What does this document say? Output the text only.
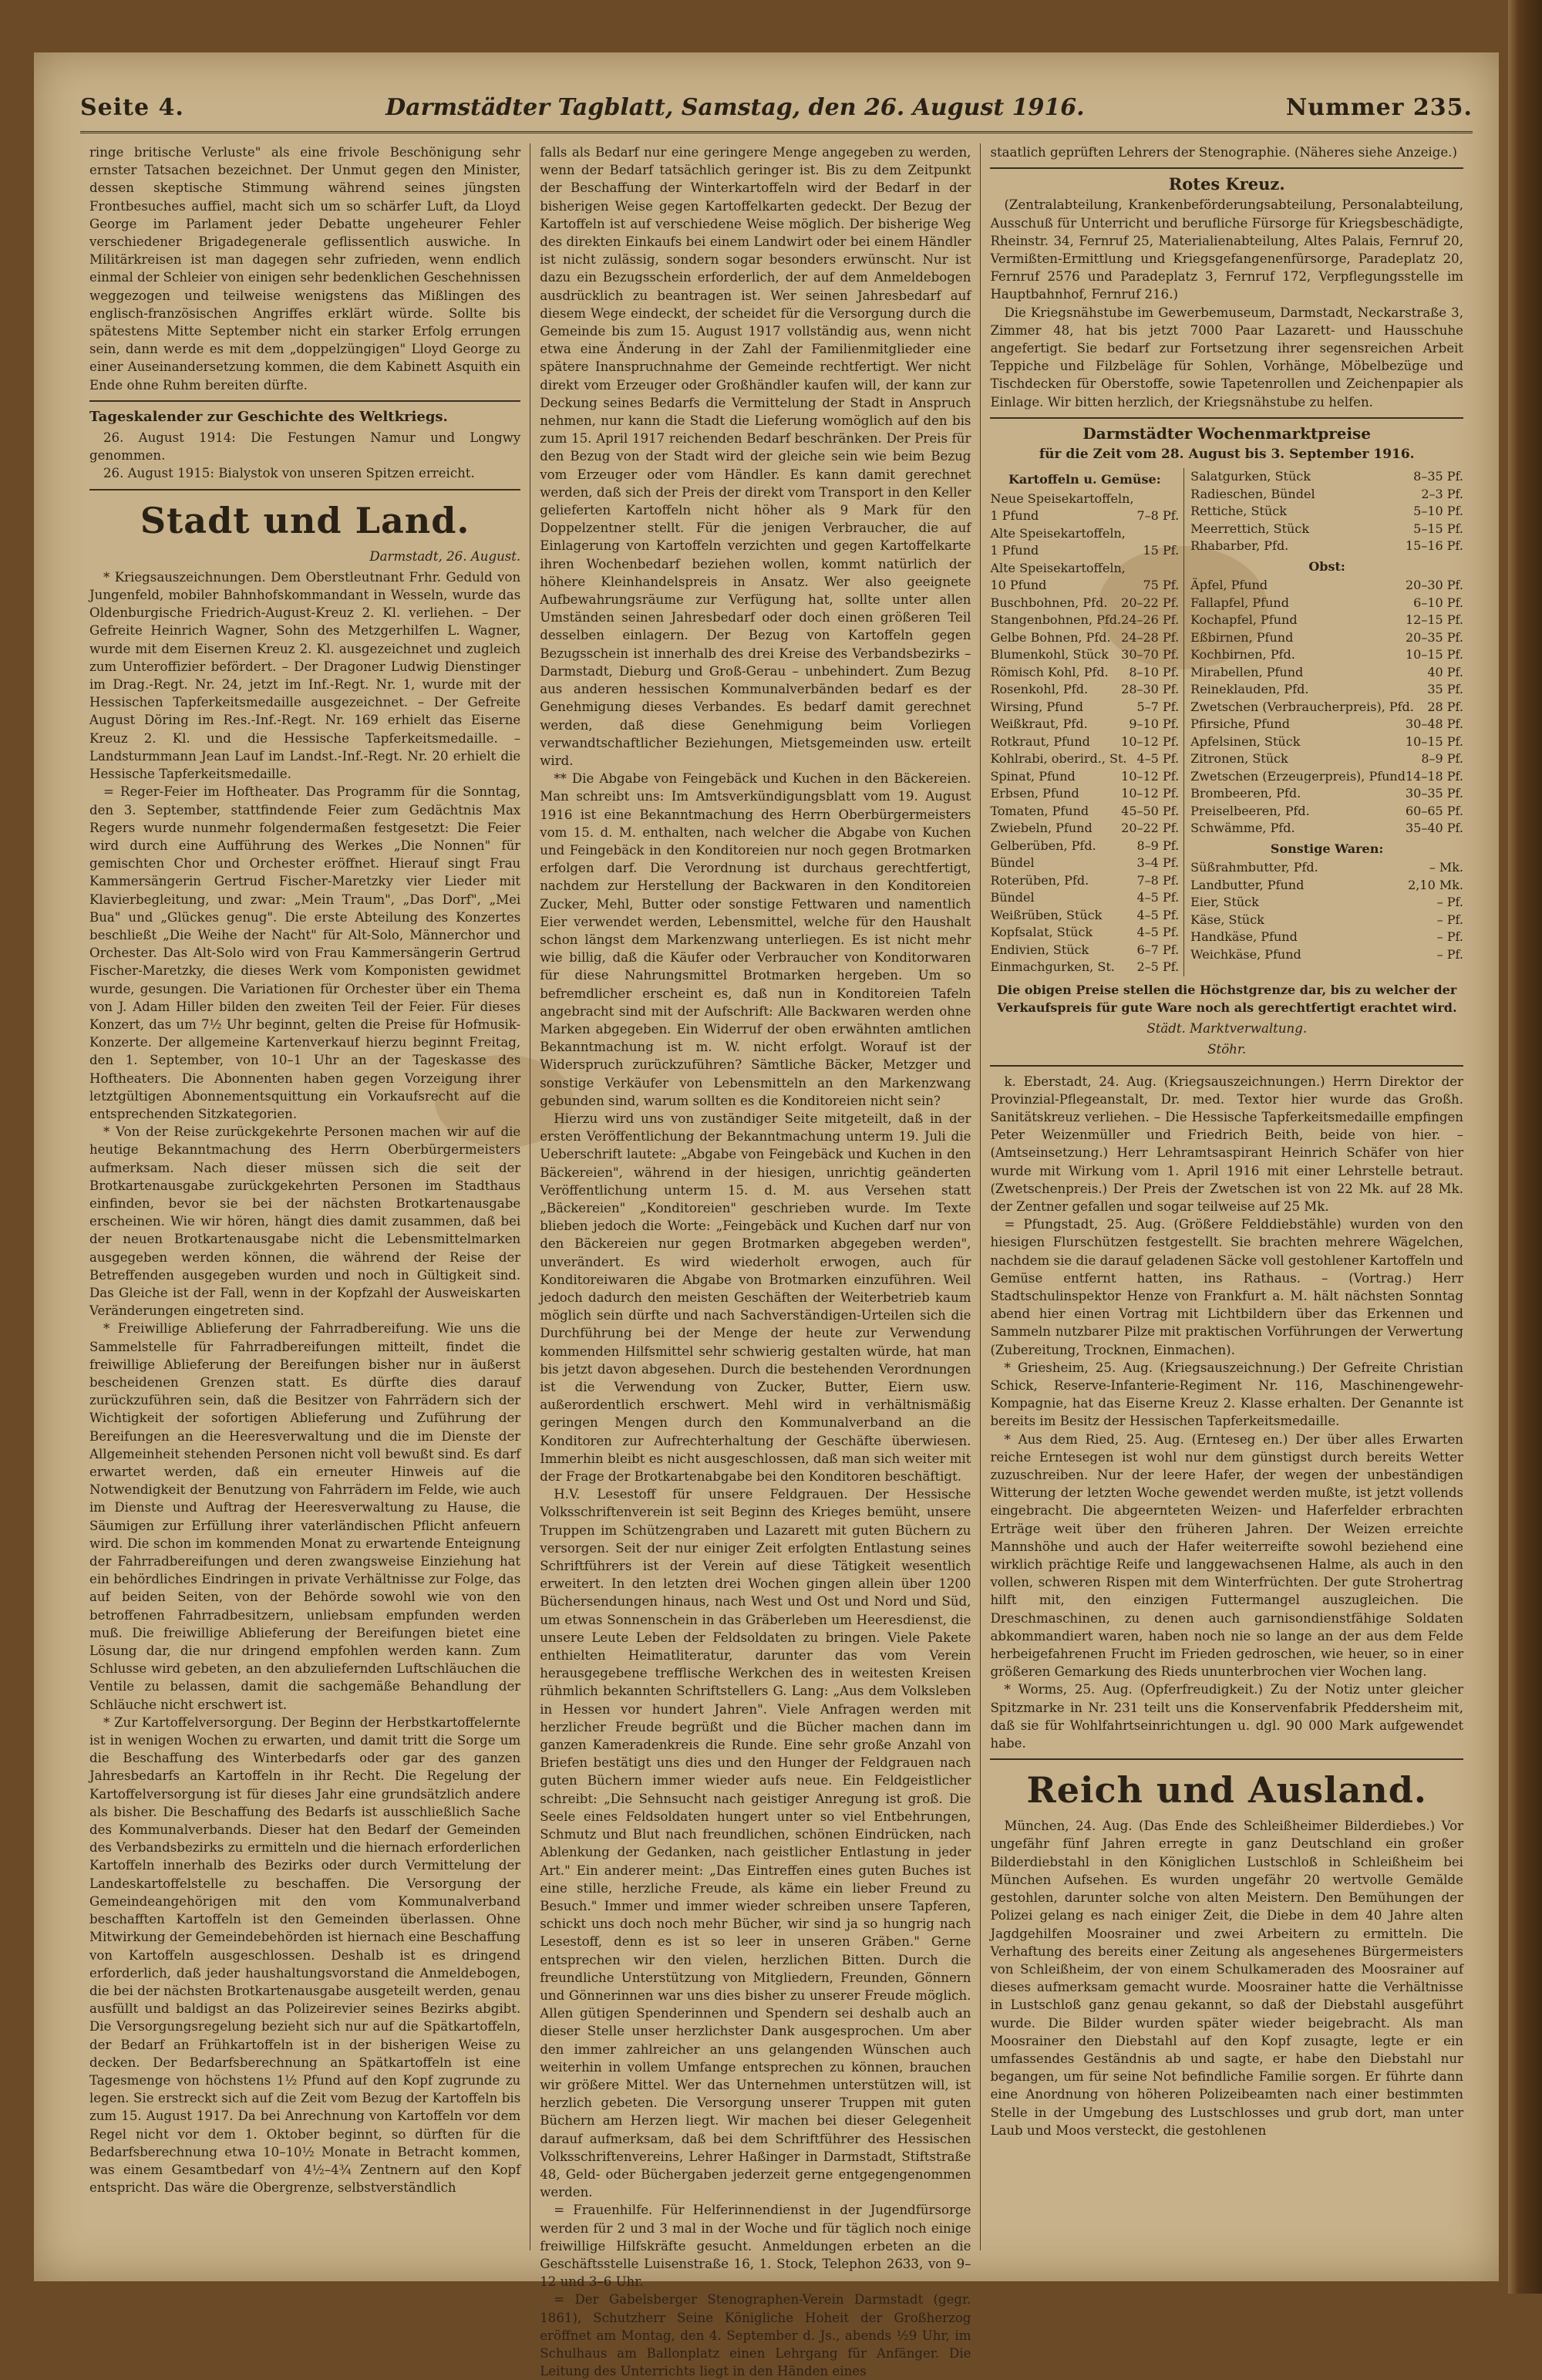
Seite 4.	Darmstädter Tagblatt, Samstag, den 26. August 1916.	Nummer 235.

ringe britische Verluste" als eine frivole Beschönigung sehr ernster Tatsachen bezeichnet. Der Unmut gegen den Minister, dessen skeptische Stimmung während seines jüngsten Frontbesuches auffiel, macht sich um so schärfer Luft, da Lloyd George im Parlament jeder Debatte ungeheurer Fehler verschiedener Brigadegenerale geflissentlich auswiche. In Militärkreisen ist man dagegen sehr zufrieden, wenn endlich einmal der Schleier von einigen sehr bedenklichen Geschehnissen weggezogen und teilweise wenigstens das Mißlingen des englisch-französischen Angriffes erklärt würde. Sollte bis spätestens Mitte September nicht ein starker Erfolg errungen sein, dann werde es mit dem „doppelzüngigen" Lloyd George zu einer Auseinandersetzung kommen, die dem Kabinett Asquith ein Ende ohne Ruhm bereiten dürfte.

Tageskalender zur Geschichte des Weltkriegs.

26. August 1914: Die Festungen Namur und Longwy genommen.

26. August 1915: Bialystok von unseren Spitzen erreicht.

Stadt und Land.
Darmstadt, 26. August.

* Kriegsauszeichnungen. Dem Oberstleutnant Frhr. Geduld von Jungenfeld, mobiler Bahnhofskommandant in Wesseln, wurde das Oldenburgische Friedrich-August-Kreuz 2. Kl. verliehen. – Der Gefreite Heinrich Wagner, Sohn des Metzgerhilfen L. Wagner, wurde mit dem Eisernen Kreuz 2. Kl. ausgezeichnet und zugleich zum Unteroffizier befördert. – Der Dragoner Ludwig Dienstinger im Drag.-Regt. Nr. 24, jetzt im Inf.-Regt. Nr. 1, wurde mit der Hessischen Tapferkeitsmedaille ausgezeichnet. – Der Gefreite August Döring im Res.-Inf.-Regt. Nr. 169 erhielt das Eiserne Kreuz 2. Kl. und die Hessische Tapferkeitsmedaille. – Landsturmmann Jean Lauf im Landst.-Inf.-Regt. Nr. 20 erhielt die Hessische Tapferkeitsmedaille.

= Reger-Feier im Hoftheater. Das Programm für die Sonntag, den 3. September, stattfindende Feier zum Gedächtnis Max Regers wurde nunmehr folgendermaßen festgesetzt: Die Feier wird durch eine Aufführung des Werkes „Die Nonnen" für gemischten Chor und Orchester eröffnet. Hierauf singt Frau Kammersängerin Gertrud Fischer-Maretzky vier Lieder mit Klavierbegleitung, und zwar: „Mein Traum", „Das Dorf", „Mei Bua" und „Glückes genug". Die erste Abteilung des Konzertes beschließt „Die Weihe der Nacht" für Alt-Solo, Männerchor und Orchester. Das Alt-Solo wird von Frau Kammersängerin Gertrud Fischer-Maretzky, die dieses Werk vom Komponisten gewidmet wurde, gesungen. Die Variationen für Orchester über ein Thema von J. Adam Hiller bilden den zweiten Teil der Feier. Für dieses Konzert, das um 7½ Uhr beginnt, gelten die Preise für Hofmusik-Konzerte. Der allgemeine Kartenverkauf hierzu beginnt Freitag, den 1. September, von 10–1 Uhr an der Tageskasse des Hoftheaters. Die Abonnenten haben gegen Vorzeigung ihrer letztgültigen Abonnementsquittung ein Vorkaufsrecht auf die entsprechenden Sitzkategorien.

* Von der Reise zurückgekehrte Personen machen wir auf die heutige Bekanntmachung des Herrn Oberbürgermeisters aufmerksam. Nach dieser müssen sich die seit der Brotkartenausgabe zurückgekehrten Personen im Stadthaus einfinden, bevor sie bei der nächsten Brotkartenausgabe erscheinen. Wie wir hören, hängt dies damit zusammen, daß bei der neuen Brotkartenausgabe nicht die Lebensmittelmarken ausgegeben werden können, die während der Reise der Betreffenden ausgegeben wurden und noch in Gültigkeit sind. Das Gleiche ist der Fall, wenn in der Kopfzahl der Ausweiskarten Veränderungen eingetreten sind.

* Freiwillige Ablieferung der Fahrradbereifung. Wie uns die Sammelstelle für Fahrradbereifungen mitteilt, findet die freiwillige Ablieferung der Bereifungen bisher nur in äußerst bescheidenen Grenzen statt. Es dürfte dies darauf zurückzuführen sein, daß die Besitzer von Fahrrädern sich der Wichtigkeit der sofortigen Ablieferung und Zuführung der Bereifungen an die Heeresverwaltung und die im Dienste der Allgemeinheit stehenden Personen nicht voll bewußt sind. Es darf erwartet werden, daß ein erneuter Hinweis auf die Notwendigkeit der Benutzung von Fahrrädern im Felde, wie auch im Dienste und Auftrag der Heeresverwaltung zu Hause, die Säumigen zur Erfüllung ihrer vaterländischen Pflicht anfeuern wird. Die schon im kommenden Monat zu erwartende Enteignung der Fahrradbereifungen und deren zwangsweise Einziehung hat ein behördliches Eindringen in private Verhältnisse zur Folge, das auf beiden Seiten, von der Behörde sowohl wie von den betroffenen Fahrradbesitzern, unliebsam empfunden werden muß. Die freiwillige Ablieferung der Bereifungen bietet eine Lösung dar, die nur dringend empfohlen werden kann. Zum Schlusse wird gebeten, an den abzuliefernden Luftschläuchen die Ventile zu belassen, damit die sachgemäße Behandlung der Schläuche nicht erschwert ist.

* Zur Kartoffelversorgung. Der Beginn der Herbstkartoffelernte ist in wenigen Wochen zu erwarten, und damit tritt die Sorge um die Beschaffung des Winterbedarfs oder gar des ganzen Jahresbedarfs an Kartoffeln in ihr Recht. Die Regelung der Kartoffelversorgung ist für dieses Jahr eine grundsätzlich andere als bisher. Die Beschaffung des Bedarfs ist ausschließlich Sache des Kommunalverbands. Dieser hat den Bedarf der Gemeinden des Verbandsbezirks zu ermitteln und die hiernach erforderlichen Kartoffeln innerhalb des Bezirks oder durch Vermittelung der Landeskartoffelstelle zu beschaffen. Die Versorgung der Gemeindeangehörigen mit den vom Kommunalverband beschafften Kartoffeln ist den Gemeinden überlassen. Ohne Mitwirkung der Gemeindebehörden ist hiernach eine Beschaffung von Kartoffeln ausgeschlossen. Deshalb ist es dringend erforderlich, daß jeder haushaltungsvorstand die Anmeldebogen, die bei der nächsten Brotkartenausgabe ausgeteilt werden, genau ausfüllt und baldigst an das Polizeirevier seines Bezirks abgibt. Die Versorgungsregelung bezieht sich nur auf die Spätkartoffeln, der Bedarf an Frühkartoffeln ist in der bisherigen Weise zu decken. Der Bedarfsberechnung an Spätkartoffeln ist eine Tagesmenge von höchstens 1½ Pfund auf den Kopf zugrunde zu legen. Sie erstreckt sich auf die Zeit vom Bezug der Kartoffeln bis zum 15. August 1917. Da bei Anrechnung von Kartoffeln vor dem Regel nicht vor dem 1. Oktober beginnt, so dürften für die Bedarfsberechnung etwa 10–10½ Monate in Betracht kommen, was einem Gesamtbedarf von 4½–4¾ Zentnern auf den Kopf entspricht. Das wäre die Obergrenze, selbstverständlich

falls als Bedarf nur eine geringere Menge angegeben zu werden, wenn der Bedarf tatsächlich geringer ist. Bis zu dem Zeitpunkt der Beschaffung der Winterkartoffeln wird der Bedarf in der bisherigen Weise gegen Kartoffelkarten gedeckt. Der Bezug der Kartoffeln ist auf verschiedene Weise möglich. Der bisherige Weg des direkten Einkaufs bei einem Landwirt oder bei einem Händler ist nicht zulässig, sondern sogar besonders erwünscht. Nur ist dazu ein Bezugsschein erforderlich, der auf dem Anmeldebogen ausdrücklich zu beantragen ist. Wer seinen Jahresbedarf auf diesem Wege eindeckt, der scheidet für die Versorgung durch die Gemeinde bis zum 15. August 1917 vollständig aus, wenn nicht etwa eine Änderung in der Zahl der Familienmitglieder eine spätere Inanspruchnahme der Gemeinde rechtfertigt. Wer nicht direkt vom Erzeuger oder Großhändler kaufen will, der kann zur Deckung seines Bedarfs die Vermittelung der Stadt in Anspruch nehmen, nur kann die Stadt die Lieferung womöglich auf den bis zum 15. April 1917 reichenden Bedarf beschränken. Der Preis für den Bezug von der Stadt wird der gleiche sein wie beim Bezug vom Erzeuger oder vom Händler. Es kann damit gerechnet werden, daß sich der Preis der direkt vom Transport in den Keller gelieferten Kartoffeln nicht höher als 9 Mark für den Doppelzentner stellt. Für die jenigen Verbraucher, die auf Einlagerung von Kartoffeln verzichten und gegen Kartoffelkarte ihren Wochenbedarf beziehen wollen, kommt natürlich der höhere Kleinhandelspreis in Ansatz. Wer also geeignete Aufbewahrungsräume zur Verfügung hat, sollte unter allen Umständen seinen Jahresbedarf oder doch einen größeren Teil desselben einlagern. Der Bezug von Kartoffeln gegen Bezugsschein ist innerhalb des drei Kreise des Verbandsbezirks – Darmstadt, Dieburg und Groß-Gerau – unbehindert. Zum Bezug aus anderen hessischen Kommunalverbänden bedarf es der Genehmigung dieses Verbandes. Es bedarf damit gerechnet werden, daß diese Genehmigung beim Vorliegen verwandtschaftlicher Beziehungen, Mietsgemeinden usw. erteilt wird.

** Die Abgabe von Feingebäck und Kuchen in den Bäckereien. Man schreibt uns: Im Amtsverkündigungsblatt vom 19. August 1916 ist eine Bekanntmachung des Herrn Oberbürgermeisters vom 15. d. M. enthalten, nach welcher die Abgabe von Kuchen und Feingebäck in den Konditoreien nur noch gegen Brotmarken erfolgen darf. Die Verordnung ist durchaus gerechtfertigt, nachdem zur Herstellung der Backwaren in den Konditoreien Zucker, Mehl, Butter oder sonstige Fettwaren und namentlich Eier verwendet werden, Lebensmittel, welche für den Haushalt schon längst dem Markenzwang unterliegen. Es ist nicht mehr wie billig, daß die Käufer oder Verbraucher von Konditorwaren für diese Nahrungsmittel Brotmarken hergeben. Um so befremdlicher erscheint es, daß nun in Konditoreien Tafeln angebracht sind mit der Aufschrift: Alle Backwaren werden ohne Marken abgegeben. Ein Widerruf der oben erwähnten amtlichen Bekanntmachung ist m. W. nicht erfolgt. Worauf ist der Widerspruch zurückzuführen? Sämtliche Bäcker, Metzger und sonstige Verkäufer von Lebensmitteln an den Markenzwang gebunden sind, warum sollten es die Konditoreien nicht sein?

Hierzu wird uns von zuständiger Seite mitgeteilt, daß in der ersten Veröffentlichung der Bekanntmachung unterm 19. Juli die Ueberschrift lautete: „Abgabe von Feingebäck und Kuchen in den Bäckereien", während in der hiesigen, unrichtig geänderten Veröffentlichung unterm 15. d. M. aus Versehen statt „Bäckereien" „Konditoreien" geschrieben wurde. Im Texte blieben jedoch die Worte: „Feingebäck und Kuchen darf nur von den Bäckereien nur gegen Brotmarken abgegeben werden", unverändert. Es wird wiederholt erwogen, auch für Konditoreiwaren die Abgabe von Brotmarken einzuführen. Weil jedoch dadurch den meisten Geschäften der Weiterbetrieb kaum möglich sein dürfte und nach Sachverständigen-Urteilen sich die Durchführung bei der Menge der heute zur Verwendung kommenden Hilfsmittel sehr schwierig gestalten würde, hat man bis jetzt davon abgesehen. Durch die bestehenden Verordnungen ist die Verwendung von Zucker, Butter, Eiern usw. außerordentlich erschwert. Mehl wird in verhältnismäßig geringen Mengen durch den Kommunalverband an die Konditoren zur Aufrechterhaltung der Geschäfte überwiesen. Immerhin bleibt es nicht ausgeschlossen, daß man sich weiter mit der Frage der Brotkartenabgabe bei den Konditoren beschäftigt.

H.V. Lesestoff für unsere Feldgrauen. Der Hessische Volksschriftenverein ist seit Beginn des Krieges bemüht, unsere Truppen im Schützengraben und Lazarett mit guten Büchern zu versorgen. Seit der nur einiger Zeit erfolgten Entlastung seines Schriftführers ist der Verein auf diese Tätigkeit wesentlich erweitert. In den letzten drei Wochen gingen allein über 1200 Büchersendungen hinaus, nach West und Ost und Nord und Süd, um etwas Sonnenschein in das Gräberleben um Heeresdienst, die unsere Leute Leben der Feldsoldaten zu bringen. Viele Pakete enthielten Heimatliteratur, darunter das vom Verein herausgegebene trefflische Werkchen des in weitesten Kreisen rühmlich bekannten Schriftstellers G. Lang: „Aus dem Volksleben in Hessen vor hundert Jahren". Viele Anfragen werden mit herzlicher Freude begrüßt und die Bücher machen dann im ganzen Kameradenkreis die Runde. Eine sehr große Anzahl von Briefen bestätigt uns dies und den Hunger der Feldgrauen nach guten Büchern immer wieder aufs neue. Ein Feldgeistlicher schreibt: „Die Sehnsucht nach geistiger Anregung ist groß. Die Seele eines Feldsoldaten hungert unter so viel Entbehrungen, Schmutz und Blut nach freundlichen, schönen Eindrücken, nach Ablenkung der Gedanken, nach geistlicher Entlastung in jeder Art." Ein anderer meint: „Das Eintreffen eines guten Buches ist eine stille, herzliche Freude, als käme ein lieber Freund zu Besuch." Immer und immer wieder schreiben unsere Tapferen, schickt uns doch noch mehr Bücher, wir sind ja so hungrig nach Lesestoff, denn es ist so leer in unseren Gräben." Gerne entsprechen wir den vielen, herzlichen Bitten. Durch die freundliche Unterstützung von Mitgliedern, Freunden, Gönnern und Gönnerinnen war uns dies bisher zu unserer Freude möglich. Allen gütigen Spenderinnen und Spendern sei deshalb auch an dieser Stelle unser herzlichster Dank ausgesprochen. Um aber den immer zahlreicher an uns gelangenden Wünschen auch weiterhin in vollem Umfange entsprechen zu können, brauchen wir größere Mittel. Wer das Unternehmen unterstützen will, ist herzlich gebeten. Die Versorgung unserer Truppen mit guten Büchern am Herzen liegt. Wir machen bei dieser Gelegenheit darauf aufmerksam, daß bei dem Schriftführer des Hessischen Volksschriftenvereins, Lehrer Haßinger in Darmstadt, Stiftstraße 48, Geld- oder Büchergaben jederzeit gerne entgegengenommen werden.

= Frauenhilfe. Für Helferinnendienst in der Jugendfürsorge werden für 2 und 3 mal in der Woche und für täglich noch einige freiwillige Hilfskräfte gesucht. Anmeldungen erbeten an die Geschäftsstelle Luisenstraße 16, 1. Stock, Telephon 2633, von 9–12 und 3–6 Uhr.

= Der Gabelsberger Stenographen-Verein Darmstadt (gegr. 1861), Schutzherr Seine Königliche Hoheit der Großherzog eröffnet am Montag, den 4. September d. Js., abends ½9 Uhr, im Schulhaus am Ballonplatz einen Lehrgang für Anfänger. Die Leitung des Unterrichts liegt in den Händen eines

staatlich geprüften Lehrers der Stenographie. (Näheres siehe Anzeige.)

Rotes Kreuz.

(Zentralabteilung, Krankenbeförderungsabteilung, Personalabteilung, Ausschuß für Unterricht und berufliche Fürsorge für Kriegsbeschädigte, Rheinstr. 34, Fernruf 25, Materialienabteilung, Altes Palais, Fernruf 20, Vermißten-Ermittlung und Kriegsgefangenenfürsorge, Paradeplatz 20, Fernruf 2576 und Paradeplatz 3, Fernruf 172, Verpflegungsstelle im Hauptbahnhof, Fernruf 216.)

Die Kriegsnähstube im Gewerbemuseum, Darmstadt, Neckarstraße 3, Zimmer 48, hat bis jetzt 7000 Paar Lazarett- und Hausschuhe angefertigt. Sie bedarf zur Fortsetzung ihrer segensreichen Arbeit Teppiche und Filzbeläge für Sohlen, Vorhänge, Möbelbezüge und Tischdecken für Oberstoffe, sowie Tapetenrollen und Zeichenpapier als Einlage. Wir bitten herzlich, der Kriegsnähstube zu helfen.

Darmstädter Wochenmarktpreise
für die Zeit vom 28. August bis 3. September 1916.
Kartoffeln u. Gemüse:
Neue Speisekartoffeln,
1 Pfund	7–8 Pf.
Alte Speisekartoffeln,
1 Pfund	15 Pf.
Alte Speisekartoffeln,
10 Pfund	75 Pf.
Buschbohnen, Pfd. 20–22 Pf.
Stangenbohnen, Pfd. 24–26 Pf.
Gelbe Bohnen, Pfd. 24–28 Pf.
Blumenkohl, Stück 30–70 Pf.
Römisch Kohl, Pfd. 8–10 Pf.
Rosenkohl, Pfd.	28–30 Pf.
Wirsing, Pfund	5–7 Pf.
Weißkraut, Pfd.	9–10 Pf.
Rotkraut, Pfund	10–12 Pf.
Kohlrabi, oberird., St. 4–5 Pf.
Spinat, Pfund	10–12 Pf.
Erbsen, Pfund	10–12 Pf.
Tomaten, Pfund	45–50 Pf.
Zwiebeln, Pfund 20–22 Pf.
Gelberüben, Pfd.	8–9 Pf.
Bündel	3–4 Pf.
Roterüben, Pfd.	7–8 Pf.
Bündel	4–5 Pf.
Weißrüben, Stück	4–5 Pf.
Kopfsalat, Stück	4–5 Pf.
Endivien, Stück	6–7 Pf.
Einmachgurken, St. 2–5 Pf.
Salatgurken, Stück	8–35 Pf.
Radieschen, Bündel	2–3 Pf.
Rettiche, Stück	5–10 Pf.
Meerrettich, Stück	5–15 Pf.
Rhabarber, Pfd.	15–16 Pf.
Obst:
Äpfel, Pfund	20–30 Pf.
Fallapfel, Pfund	6–10 Pf.
Kochapfel, Pfund	12–15 Pf.
Eßbirnen, Pfund	20–35 Pf.
Kochbirnen, Pfd.	10–15 Pf.
Mirabellen, Pfund	40 Pf.
Reineklauden, Pfd.	35 Pf.
Zwetschen (Verbraucherpreis), Pfd. 28 Pf.
Pfirsiche, Pfund	30–48 Pf.
Apfelsinen, Stück	10–15 Pf.
Zitronen, Stück	8–9 Pf.
Zwetschen (Erzeugerpreis), Pfund 14–18 Pf.
Brombeeren, Pfd.	30–35 Pf.
Preiselbeeren, Pfd.	60–65 Pf.
Schwämme, Pfd.	35–40 Pf.
Sonstige Waren:
Süßrahmbutter, Pfd.	– Mk.
Landbutter, Pfund	2,10 Mk.
Eier, Stück	– Pf.
Käse, Stück	– Pf.
Handkäse, Pfund	– Pf.
Weichkäse, Pfund	– Pf.
Die obigen Preise stellen die Höchstgrenze dar, bis zu welcher der Verkaufspreis für gute Ware noch als gerechtfertigt erachtet wird.
Städt. Marktverwaltung.
Stöhr.

k. Eberstadt, 24. Aug. (Kriegsauszeichnungen.) Herrn Direktor der Provinzial-Pflegeanstalt, Dr. med. Textor hier wurde das Großh. Sanitätskreuz verliehen. – Die Hessische Tapferkeitsmedaille empfingen Peter Weizenmüller und Friedrich Beith, beide von hier. – (Amtseinsetzung.) Herr Lehramtsaspirant Heinrich Schäfer von hier wurde mit Wirkung vom 1. April 1916 mit einer Lehrstelle betraut. (Zwetschenpreis.) Der Preis der Zwetschen ist von 22 Mk. auf 28 Mk. der Zentner gefallen und sogar teilweise auf 25 Mk.

= Pfungstadt, 25. Aug. (Größere Felddiebstähle) wurden von den hiesigen Flurschützen festgestellt. Sie brachten mehrere Wägelchen, nachdem sie die darauf geladenen Säcke voll gestohlener Kartoffeln und Gemüse entfernt hatten, ins Rathaus. – (Vortrag.) Herr Stadtschulinspektor Henze von Frankfurt a. M. hält nächsten Sonntag abend hier einen Vortrag mit Lichtbildern über das Erkennen und Sammeln nutzbarer Pilze mit praktischen Vorführungen der Verwertung (Zubereitung, Trocknen, Einmachen).

* Griesheim, 25. Aug. (Kriegsauszeichnung.) Der Gefreite Christian Schick, Reserve-Infanterie-Regiment Nr. 116, Maschinengewehr-Kompagnie, hat das Eiserne Kreuz 2. Klasse erhalten. Der Genannte ist bereits im Besitz der Hessischen Tapferkeitsmedaille.

* Aus dem Ried, 25. Aug. (Ernteseg en.) Der über alles Erwarten reiche Erntesegen ist wohl nur dem günstigst durch bereits Wetter zuzuschreiben. Nur der leere Hafer, der wegen der unbeständigen Witterung der letzten Woche gewendet werden mußte, ist jetzt vollends eingebracht. Die abgeernteten Weizen- und Haferfelder erbrachten Erträge weit über den früheren Jahren. Der Weizen erreichte Mannshöhe und auch der Hafer weiterreifte sowohl beziehend eine wirklich prächtige Reife und langgewachsenen Halme, als auch in den vollen, schweren Rispen mit dem Winterfrüchten. Der gute Strohertrag hilft mit, den einzigen Futtermangel auszugleichen. Die Dreschmaschinen, zu denen auch garnisondienstfähige Soldaten abkommandiert waren, haben noch nie so lange an der aus dem Felde herbeigefahrenen Frucht im Frieden gedroschen, wie heuer, so in einer größeren Gemarkung des Rieds ununterbrochen vier Wochen lang.

* Worms, 25. Aug. (Opferfreudigkeit.) Zu der Notiz unter gleicher Spitzmarke in Nr. 231 teilt uns die Konservenfabrik Pfeddersheim mit, daß sie für Wohlfahrtseinrichtungen u. dgl. 90 000 Mark aufgewendet habe.

Reich und Ausland.

München, 24. Aug. (Das Ende des Schleißheimer Bilderdiebes.) Vor ungefähr fünf Jahren erregte in ganz Deutschland ein großer Bilderdiebstahl in den Königlichen Lustschloß in Schleißheim bei München Aufsehen. Es wurden ungefähr 20 wertvolle Gemälde gestohlen, darunter solche von alten Meistern. Den Bemühungen der Polizei gelang es nach einiger Zeit, die Diebe in dem 40 Jahre alten Jagdgehilfen Moosrainer und zwei Arbeitern zu ermitteln. Die Verhaftung des bereits einer Zeitung als angesehenes Bürgermeisters von Schleißheim, der von einem Schulkameraden des Moosrainer auf dieses aufmerksam gemacht wurde. Moosrainer hatte die Verhältnisse in Lustschloß ganz genau gekannt, so daß der Diebstahl ausgeführt wurde. Die Bilder wurden später wieder beigebracht. Als man Moosrainer den Diebstahl auf den Kopf zusagte, legte er ein umfassendes Geständnis ab und sagte, er habe den Diebstahl nur begangen, um für seine Not befindliche Familie sorgen. Er führte dann eine Anordnung von höheren Polizeibeamten nach einer bestimmten Stelle in der Umgebung des Lustschlosses und grub dort, man unter Laub und Moos versteckt, die gestohlenen
